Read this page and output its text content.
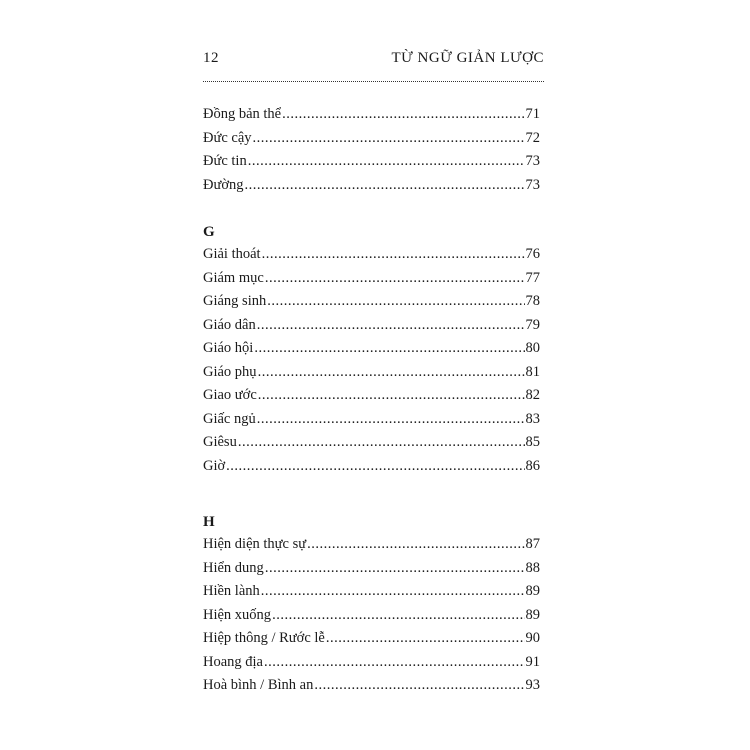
12	TỪ NGỮ GIẢN LƯỢC
Đồng bản thể .....	71
Đức cậy .....	72
Đức tin .....	73
Đường .....	73
G
Giải thoát .....	76
Giám mục .....	77
Giáng sinh .....	78
Giáo dân .....	79
Giáo hội .....	80
Giáo phụ .....	81
Giao ước .....	82
Giấc ngủ .....	83
Giêsu .....	85
Giờ .....	86
H
Hiện diện thực sự .....	87
Hiển dung .....	88
Hiền lành .....	89
Hiện xuống .....	89
Hiệp thông / Rước lễ .....	90
Hoang địa .....	91
Hoà bình / Bình an .....	93
